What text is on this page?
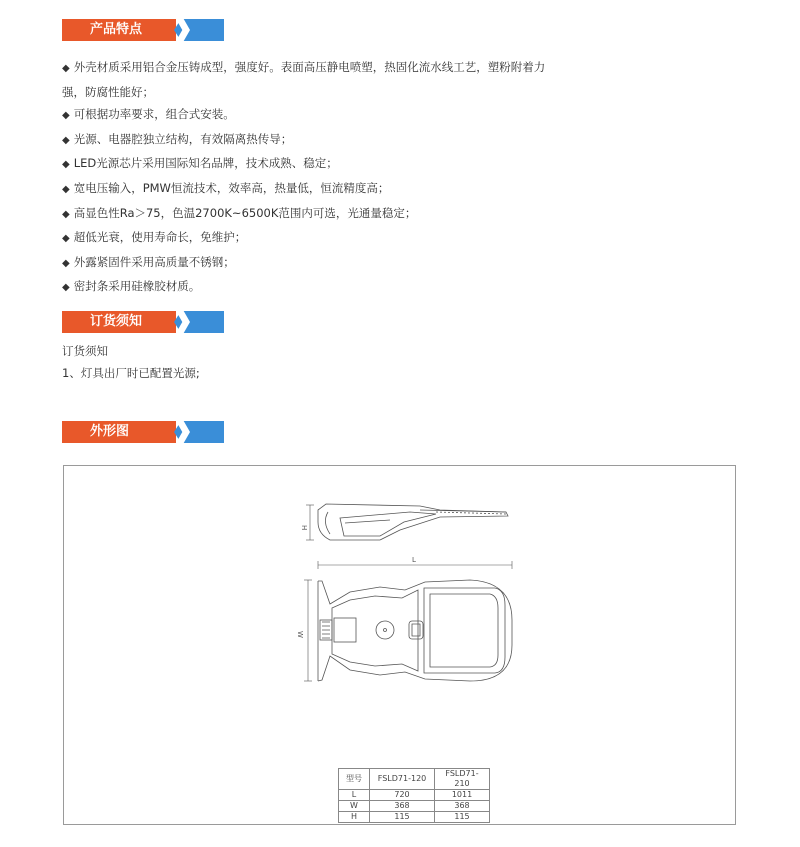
产品特点
◆ 外壳材质采用铝合金压铸成型，强度好。表面高压静电喷塑，热固化流水线工艺，塑粉附着力
强，防腐性能好；
◆ 可根据功率要求，组合式安装。
◆ 光源、电器腔独立结构，有效隔离热传导；
◆ LED光源芯片采用国际知名品牌，技术成熟、稳定；
◆ 宽电压输入，PMW恒流技术，效率高，热量低，恒流精度高；
◆ 高显色性Ra＞75，色温2700K~6500K范围内可选，光通量稳定；
◆ 超低光衰，使用寿命长，免维护；
◆ 外露紧固件采用高质量不锈钢；
◆ 密封条采用硅橡胶材质。
订货须知
订货须知
1、灯具出厂时已配置光源;
外形图
H
L
W
型号	FSLD71-120	FSLD71-210
L	720	1011
W	368	368
H	115	115
